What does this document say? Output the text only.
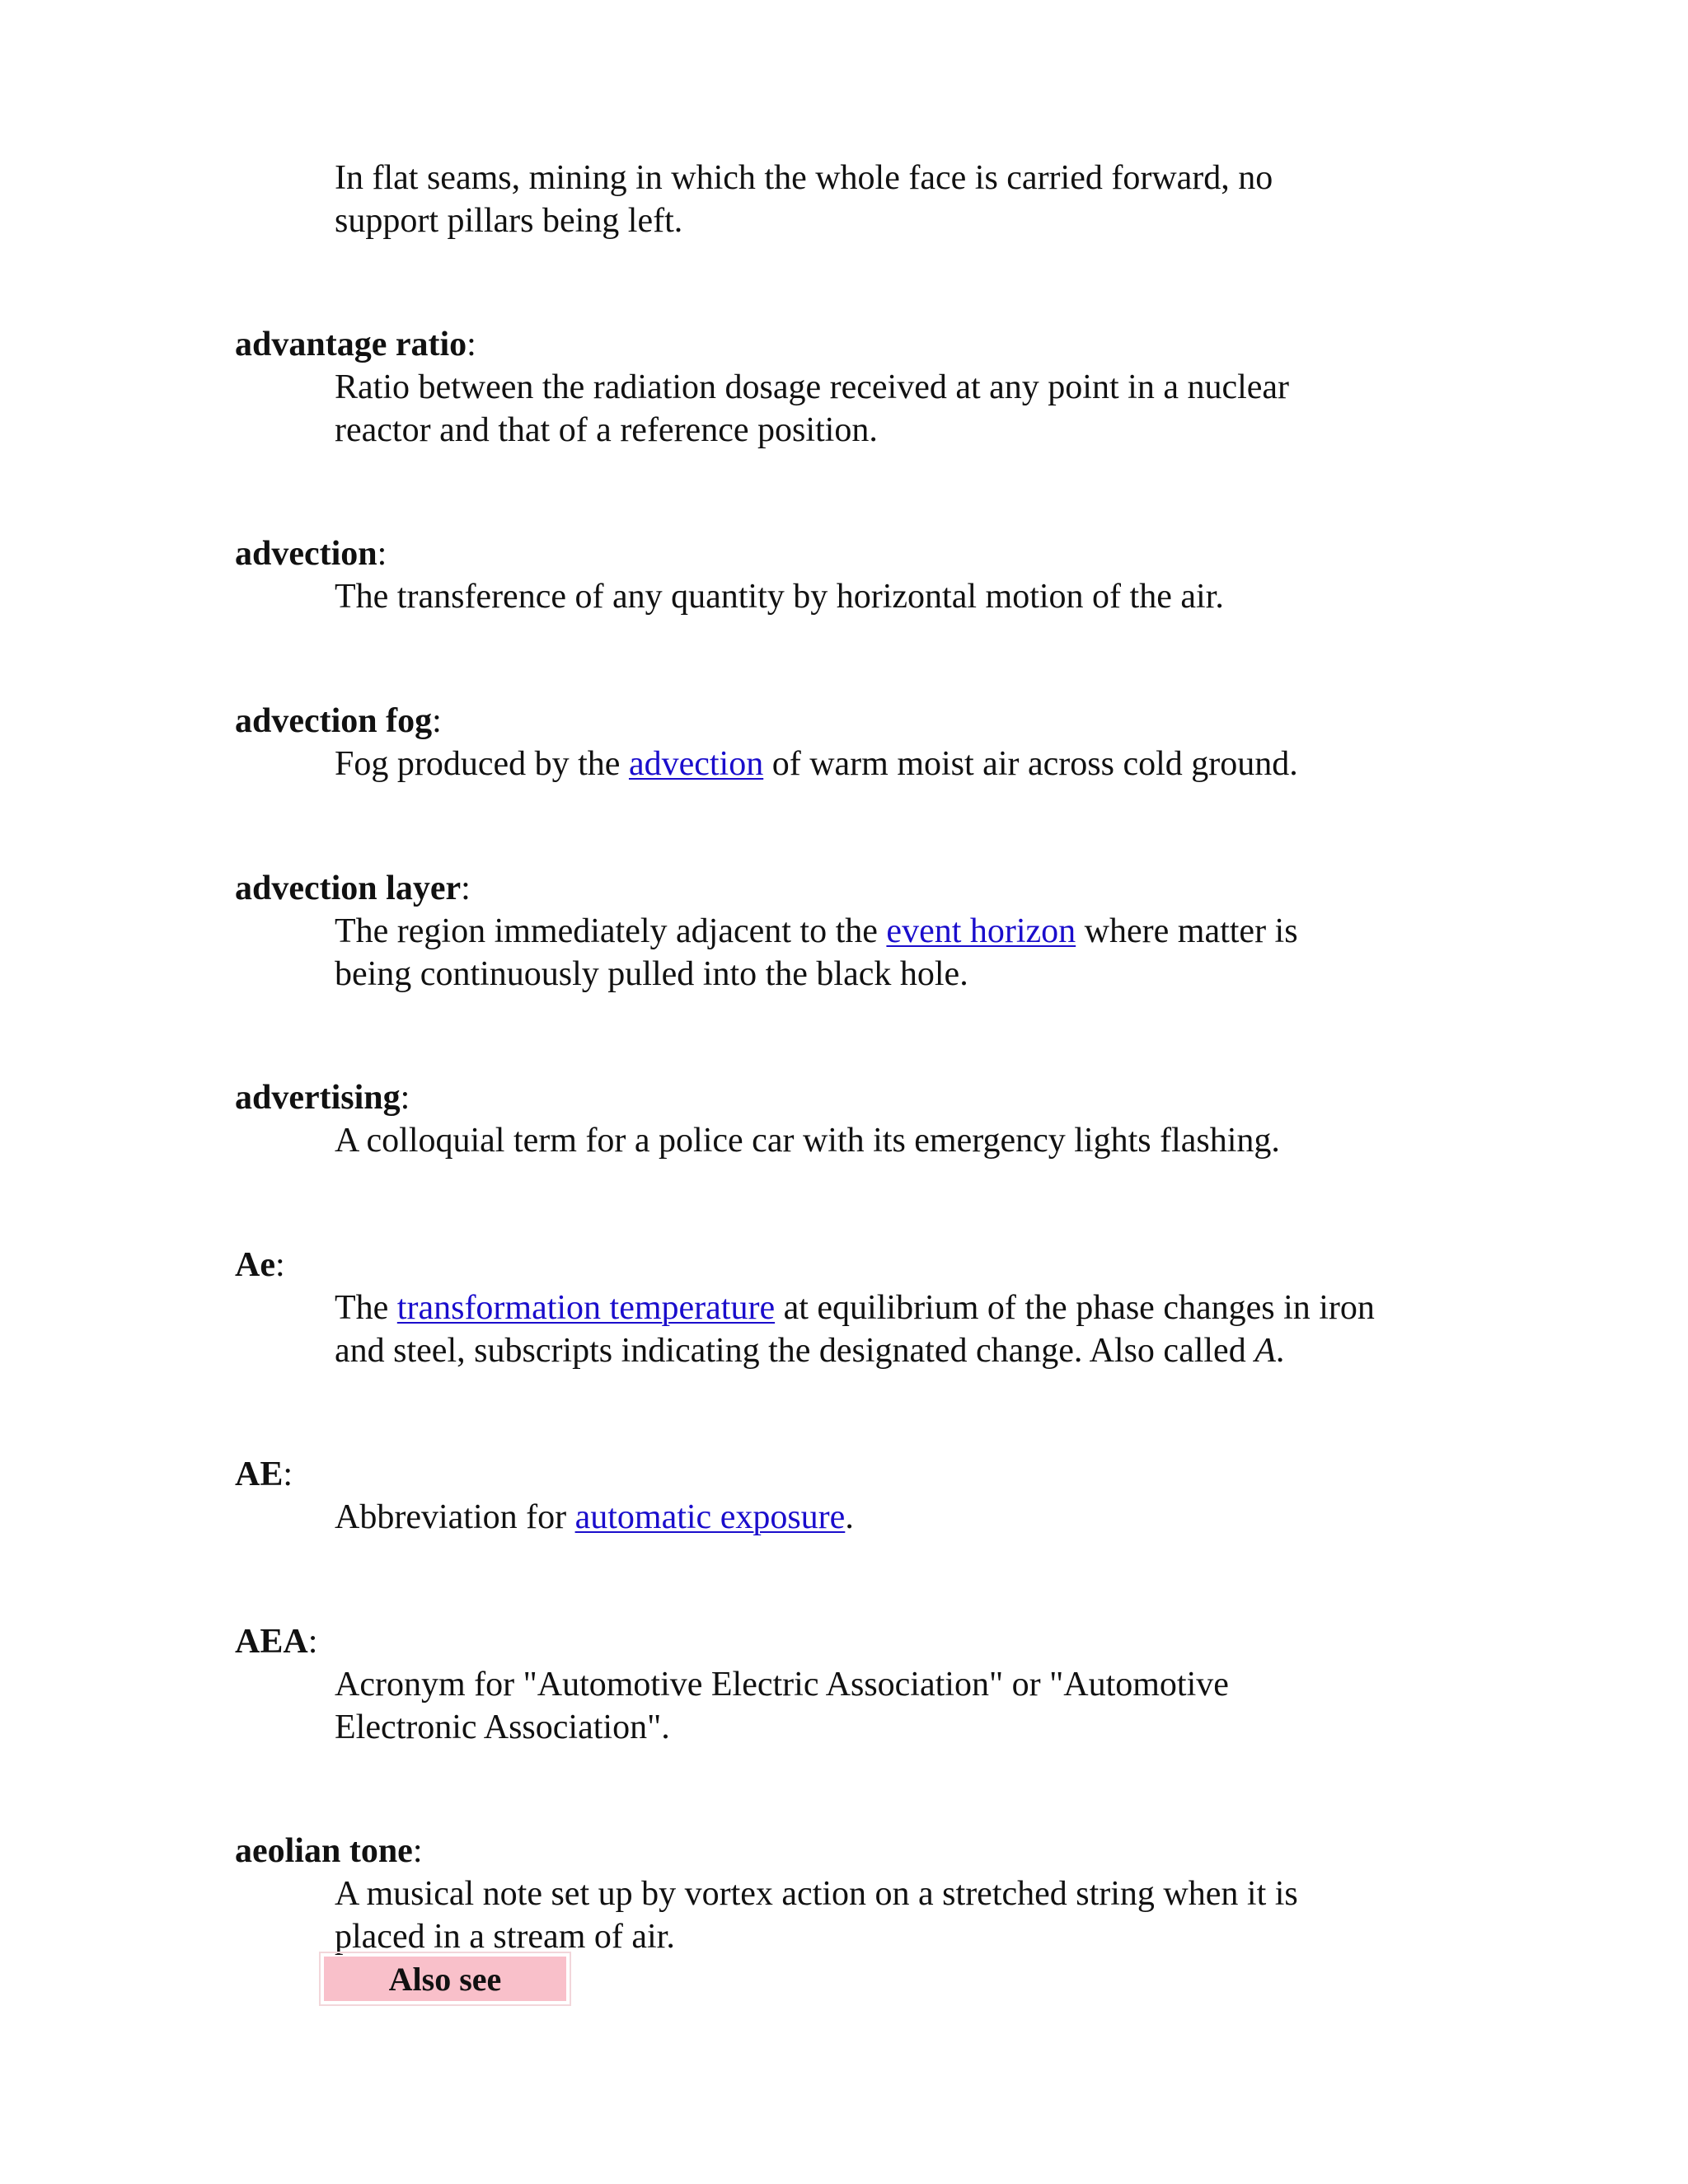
In flat seams, mining in which the whole face is carried forward, no
support pillars being left.
advantage ratio:
Ratio between the radiation dosage received at any point in a nuclear
reactor and that of a reference position.
advection:
The transference of any quantity by horizontal motion of the air.
advection fog:
Fog produced by the advection of warm moist air across cold ground.
advection layer:
The region immediately adjacent to the event horizon where matter is
being continuously pulled into the black hole.
advertising:
A colloquial term for a police car with its emergency lights flashing.
Ae:
The transformation temperature at equilibrium of the phase changes in iron
and steel, subscripts indicating the designated change. Also called A.
AE:
Abbreviation for automatic exposure.
AEA:
Acronym for "Automotive Electric Association" or "Automotive
Electronic Association".
aeolian tone:
A musical note set up by vortex action on a stretched string when it is
placed in a stream of air.
Also see
